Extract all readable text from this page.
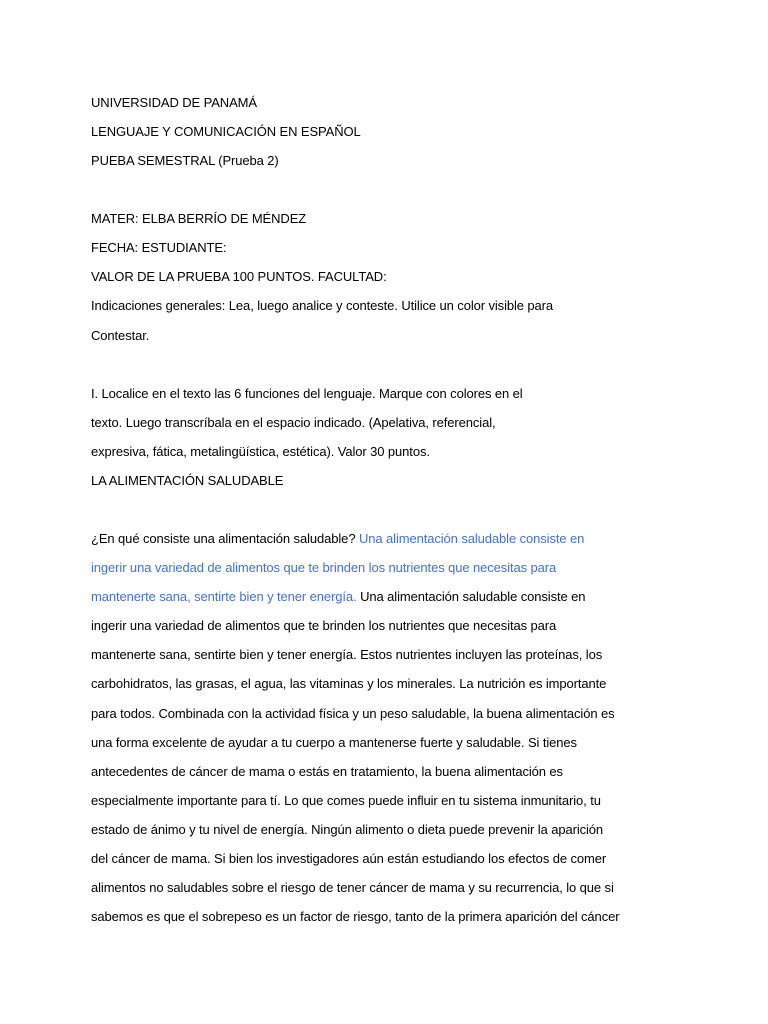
UNIVERSIDAD DE PANAMÁ

LENGUAJE Y COMUNICACIÓN EN ESPAÑOL

PUEBA SEMESTRAL (Prueba 2)

MATER: ELBA BERRÍO DE MÉNDEZ

FECHA: ESTUDIANTE:

VALOR DE LA PRUEBA 100 PUNTOS. FACULTAD:

Indicaciones generales: Lea, luego analice y conteste. Utilice un color visible para

Contestar.

I. Localice en el texto las 6 funciones del lenguaje. Marque con colores en el

texto. Luego transcríbala en el espacio indicado. (Apelativa, referencial,

expresiva, fática, metalingüística, estética). Valor 30 puntos.

LA ALIMENTACIÓN SALUDABLE

¿En qué consiste una alimentación saludable? Una alimentación saludable consiste en

ingerir una variedad de alimentos que te brinden los nutrientes que necesitas para

mantenerte sana, sentirte bien y tener energía. Una alimentación saludable consiste en

ingerir una variedad de alimentos que te brinden los nutrientes que necesitas para

mantenerte sana, sentirte bien y tener energía. Estos nutrientes incluyen las proteínas, los

carbohidratos, las grasas, el agua, las vitaminas y los minerales. La nutrición es importante

para todos. Combinada con la actividad física y un peso saludable, la buena alimentación es

una forma excelente de ayudar a tu cuerpo a mantenerse fuerte y saludable. Si tienes

antecedentes de cáncer de mama o estás en tratamiento, la buena alimentación es

especialmente importante para tí. Lo que comes puede influir en tu sistema inmunitario, tu

estado de ánimo y tu nivel de energía. Ningún alimento o dieta puede prevenir la aparición

del cáncer de mama. Si bien los investigadores aún están estudiando los efectos de comer

alimentos no saludables sobre el riesgo de tener cáncer de mama y su recurrencia, lo que si

sabemos es que el sobrepeso es un factor de riesgo, tanto de la primera aparición del cáncer
